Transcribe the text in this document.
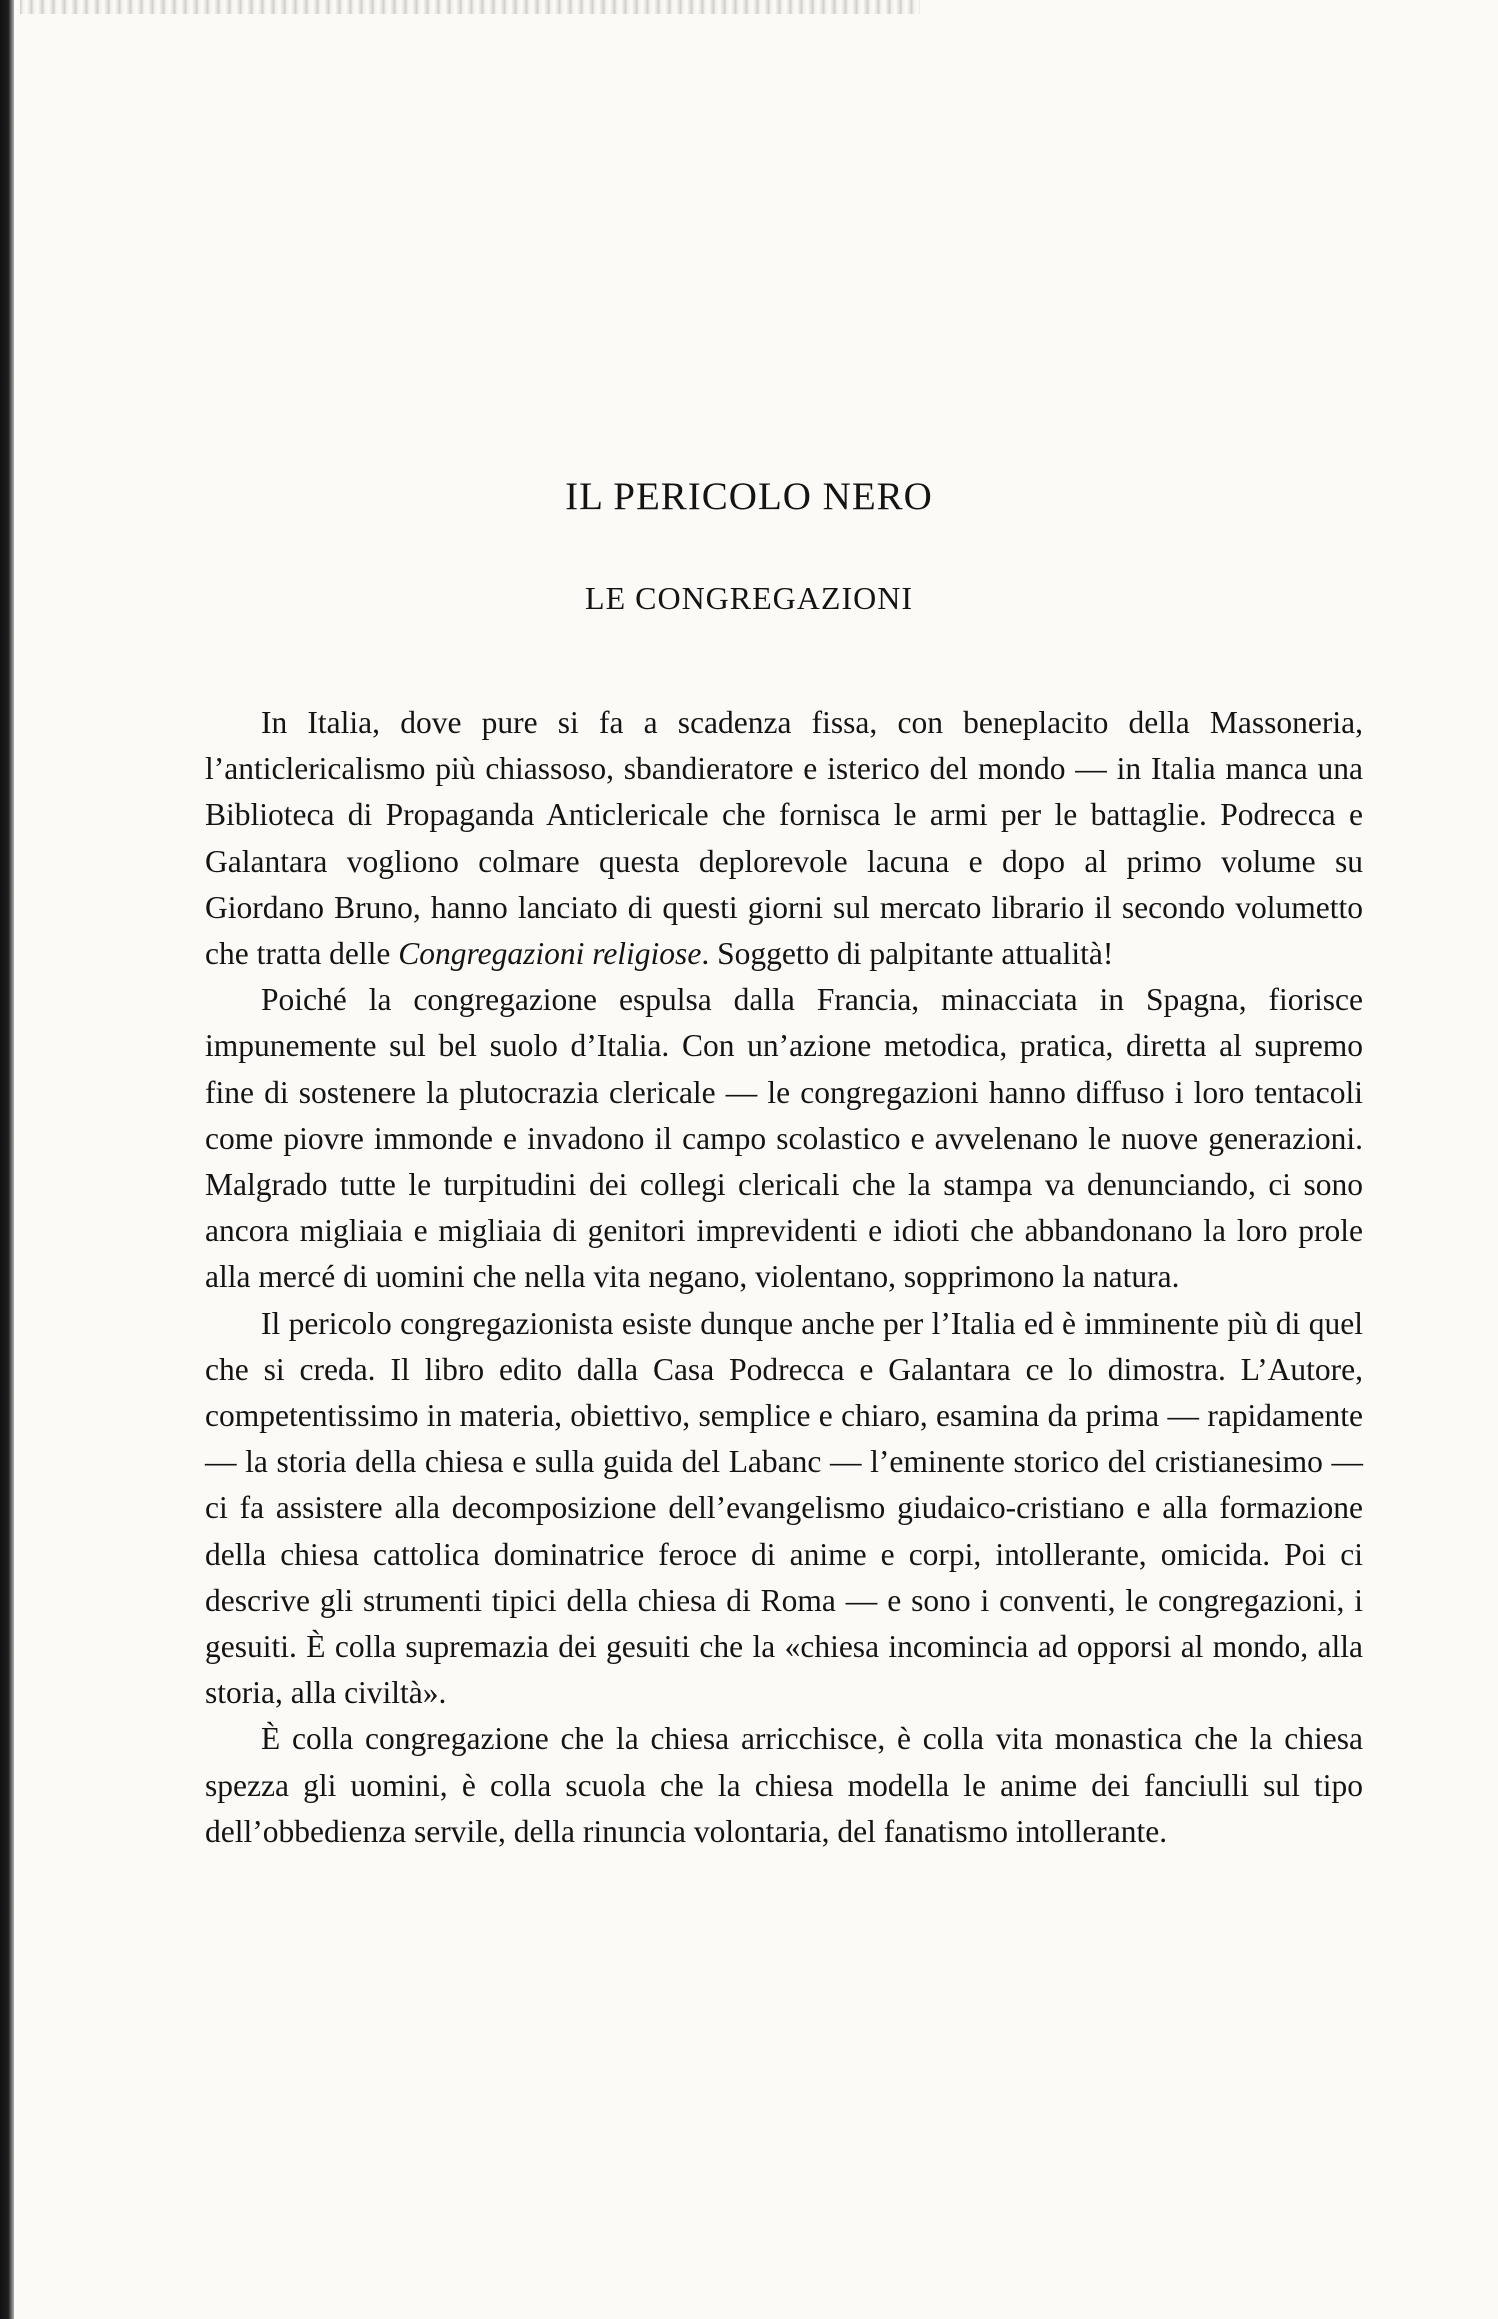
IL PERICOLO NERO
LE CONGREGAZIONI

In Italia, dove pure si fa a scadenza fissa, con beneplacito della Massoneria, l’anticlericalismo più chiassoso, sbandieratore e isterico del mondo — in Italia manca una Biblioteca di Propaganda Anticlericale che fornisca le armi per le battaglie. Podrecca e Galantara vogliono colmare questa deplorevole lacuna e dopo al primo volume su Giordano Bruno, hanno lanciato di questi giorni sul mercato librario il secondo volumetto che tratta delle Congregazioni religiose. Soggetto di palpitante attualità!

Poiché la congregazione espulsa dalla Francia, minacciata in Spagna, fiorisce impunemente sul bel suolo d’Italia. Con un’azione metodica, pratica, diretta al supremo fine di sostenere la plutocrazia clericale — le congregazioni hanno diffuso i loro tentacoli come piovre immonde e invadono il campo scolastico e avvelenano le nuove generazioni. Malgrado tutte le turpitudini dei collegi clericali che la stampa va denunciando, ci sono ancora migliaia e migliaia di genitori imprevidenti e idioti che abbandonano la loro prole alla mercé di uomini che nella vita negano, violentano, sopprimono la natura.

Il pericolo congregazionista esiste dunque anche per l’Italia ed è imminente più di quel che si creda. Il libro edito dalla Casa Podrecca e Galantara ce lo dimostra. L’Autore, competentissimo in materia, obiettivo, semplice e chiaro, esamina da prima — rapidamente — la storia della chiesa e sulla guida del Labanc — l’eminente storico del cristianesimo — ci fa assistere alla decomposizione dell’evangelismo giudaico-cristiano e alla formazione della chiesa cattolica dominatrice feroce di anime e corpi, intollerante, omicida. Poi ci descrive gli strumenti tipici della chiesa di Roma — e sono i conventi, le congregazioni, i gesuiti. È colla supremazia dei gesuiti che la «chiesa incomincia ad opporsi al mondo, alla storia, alla civiltà».

È colla congregazione che la chiesa arricchisce, è colla vita monastica che la chiesa spezza gli uomini, è colla scuola che la chiesa modella le anime dei fanciulli sul tipo dell’obbedienza servile, della rinuncia volontaria, del fanatismo intollerante.
